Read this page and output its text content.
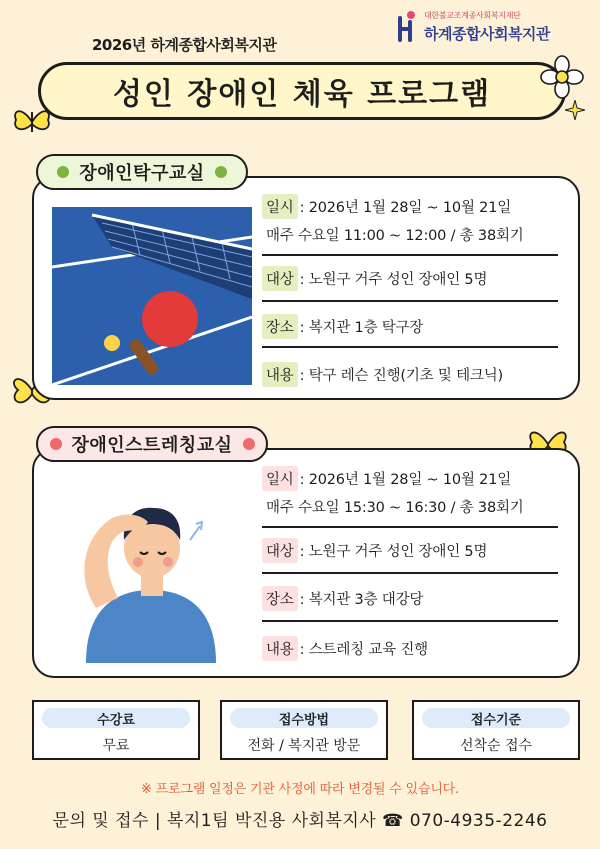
2026년 하계종합사회복지관
대한불교조계종사회복지재단
하계종합사회복지관
성인 장애인 체육 프로그램
장애인탁구교실
일시 : 2026년 1월 28일 ~ 10월 21일
매주 수요일 11:00 ~ 12:00 / 총 38회기
대상 : 노원구 거주 성인 장애인 5명
장소 : 복지관 1층 탁구장
내용 : 탁구 레슨 진행(기초 및 테크닉)
장애인스트레칭교실
일시 : 2026년 1월 28일 ~ 10월 21일
매주 수요일 15:30 ~ 16:30 / 총 38회기
대상 : 노원구 거주 성인 장애인 5명
장소 : 복지관 3층 대강당
내용 : 스트레칭 교육 진행
수강료
무료
접수방법
전화 / 복지관 방문
접수기준
선착순 접수
※ 프로그램 일정은 기관 사정에 따라 변경될 수 있습니다.
문의 및 접수 | 복지1팀 박진용 사회복지사 ☎ 070-4935-2246
